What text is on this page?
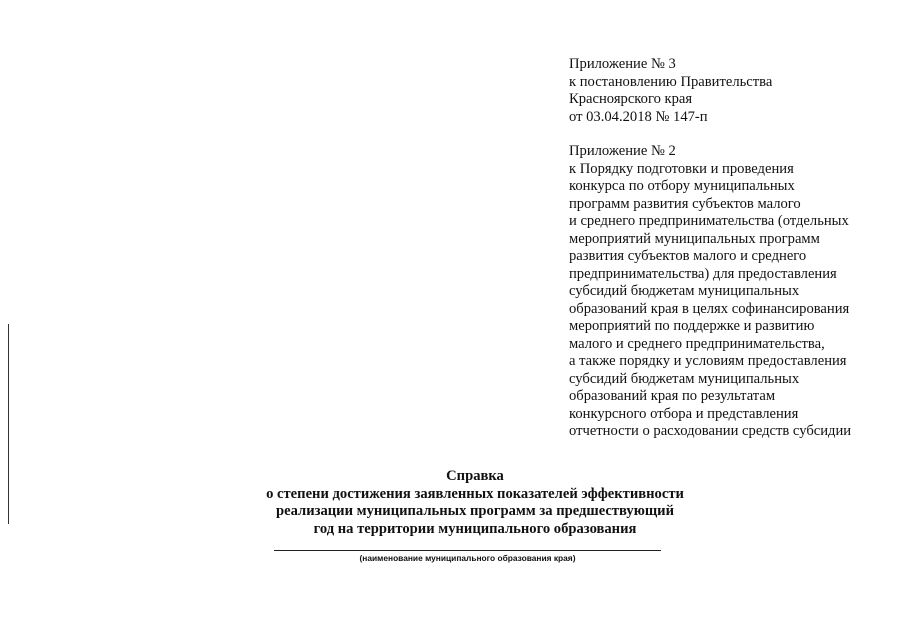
Приложение № 3
к постановлению Правительства
Красноярского края
от 03.04.2018 № 147-п
Приложение № 2
к Порядку подготовки и проведения
конкурса по отбору муниципальных
программ развития субъектов малого
и среднего предпринимательства (отдельных
мероприятий муниципальных программ
развития субъектов малого и среднего
предпринимательства) для предоставления
субсидий бюджетам муниципальных
образований края в целях софинансирования
мероприятий по поддержке и развитию
малого и среднего предпринимательства,
а также порядку и условиям предоставления
субсидий бюджетам муниципальных
образований края по результатам
конкурсного отбора и представления
отчетности о расходовании средств субсидии
Справка
о степени достижения заявленных показателей эффективности
реализации муниципальных программ за предшествующий
год на территории муниципального образования
(наименование муниципального образования края)
